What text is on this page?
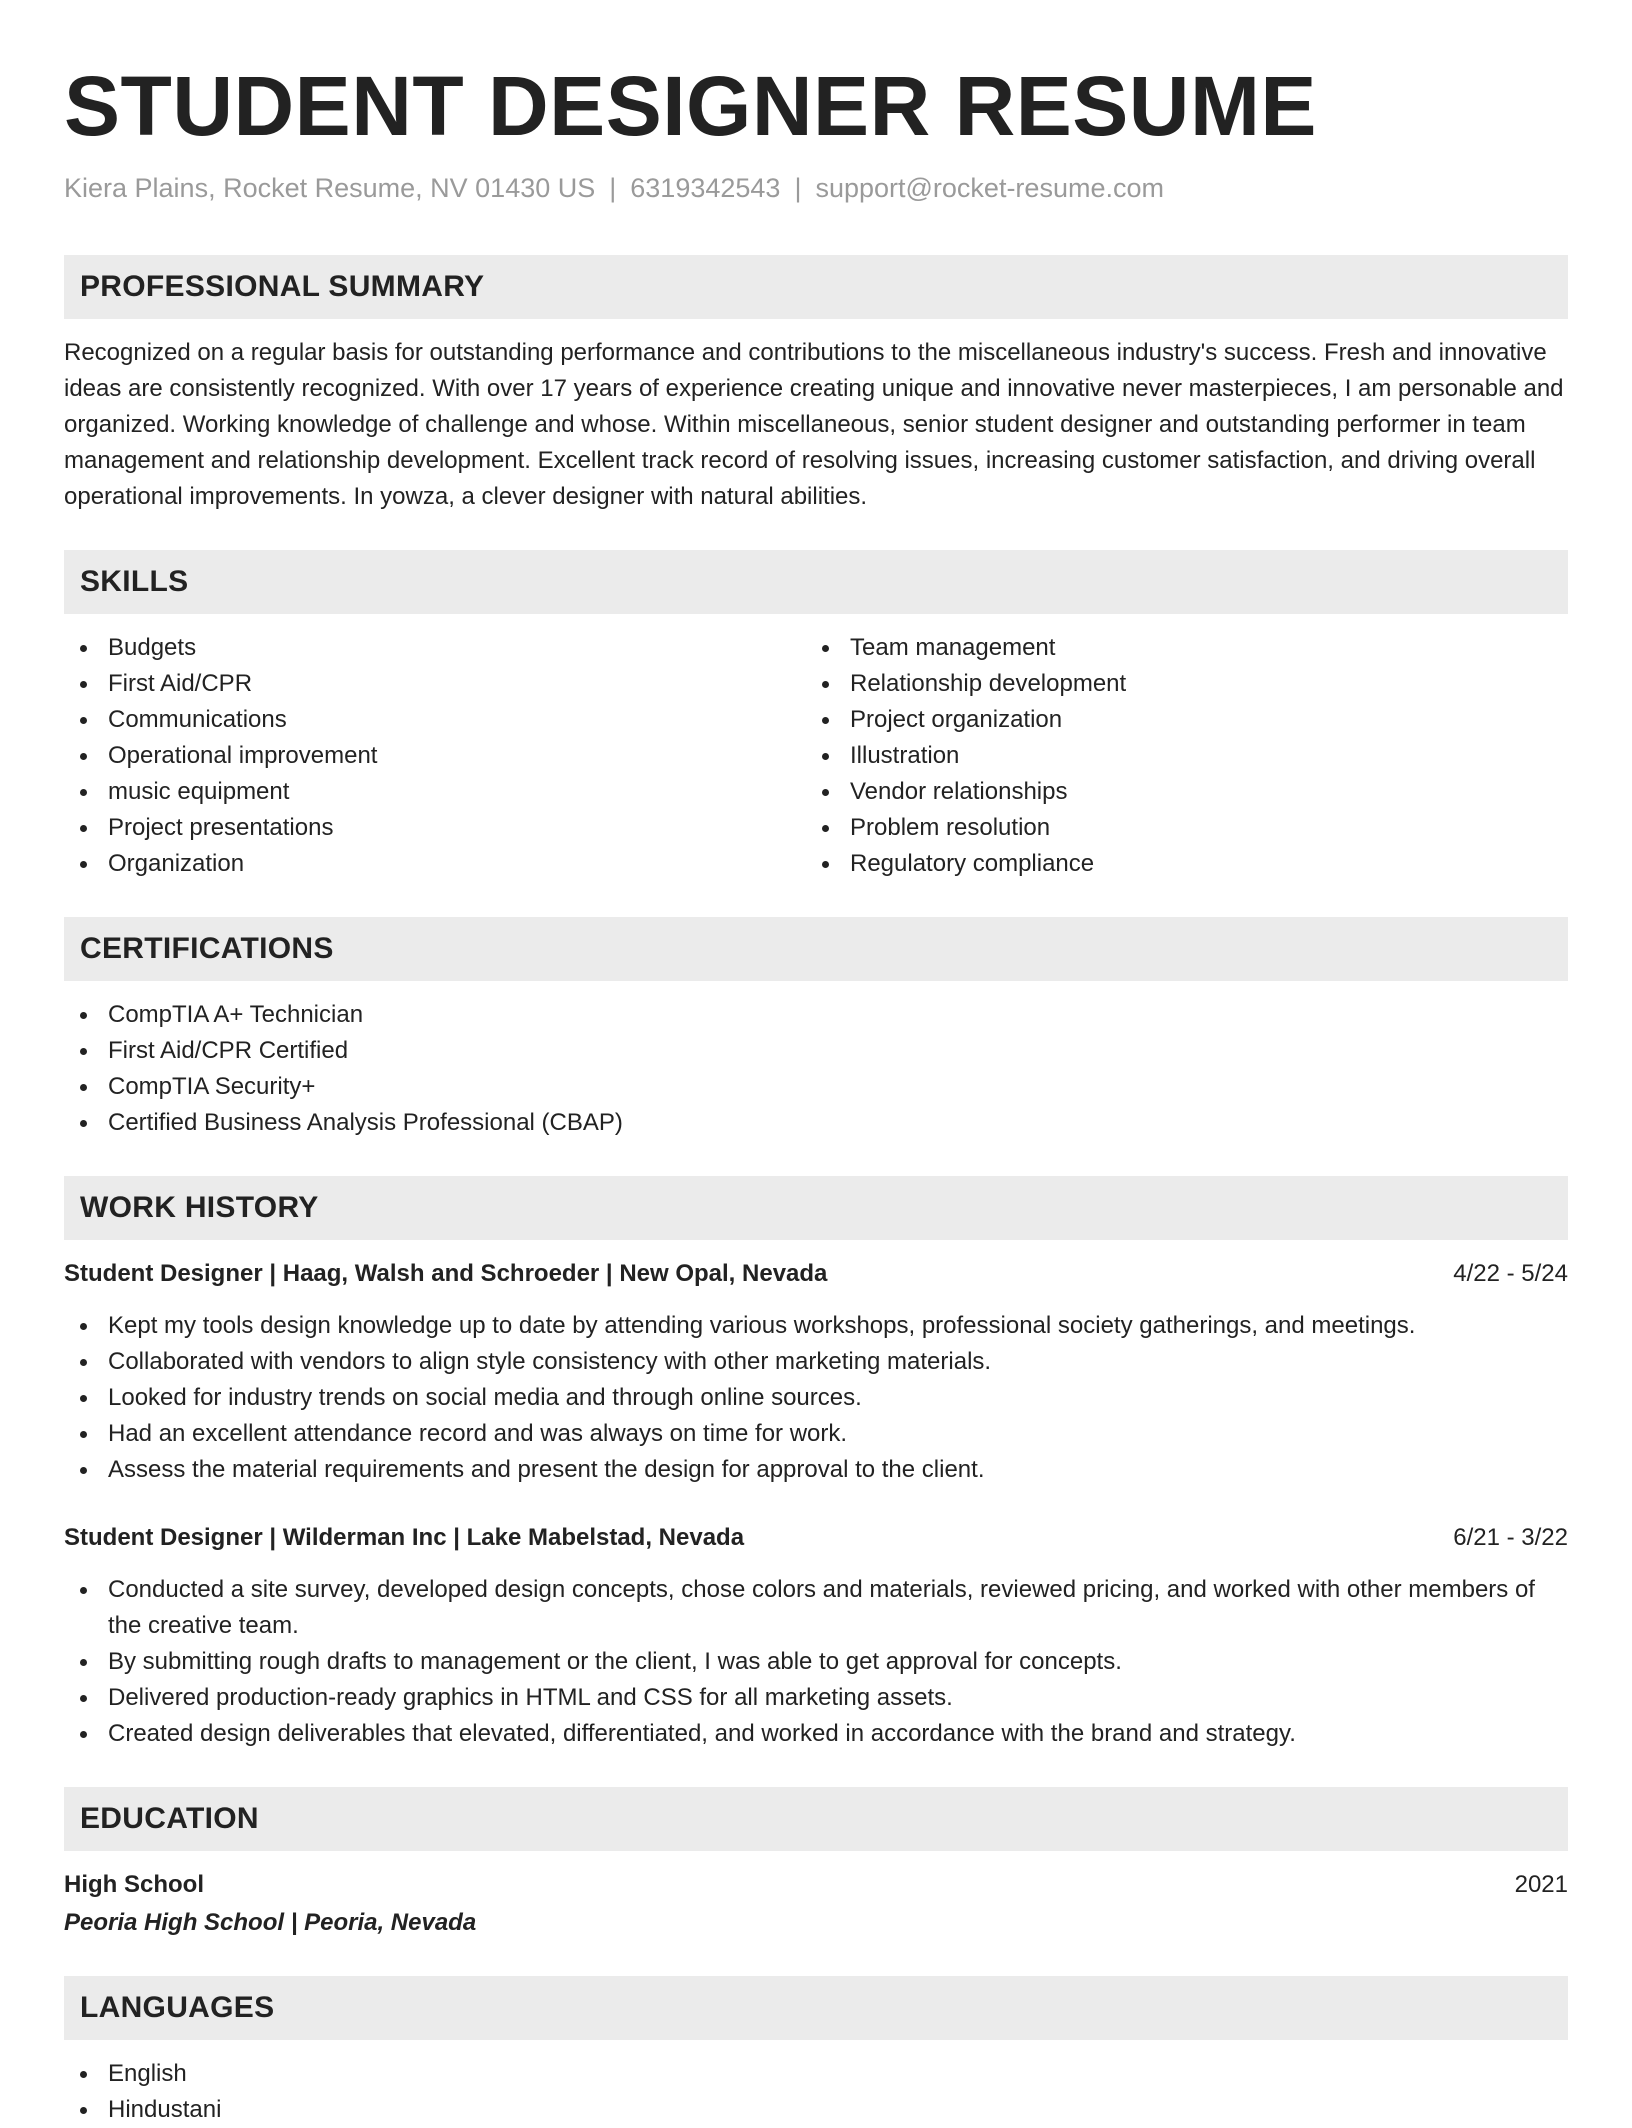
STUDENT DESIGNER RESUME
Kiera Plains, Rocket Resume, NV 01430 US | 6319342543 | support@rocket-resume.com
PROFESSIONAL SUMMARY

Recognized on a regular basis for outstanding performance and contributions to the miscellaneous industry's success. Fresh and innovative ideas are consistently recognized. With over 17 years of experience creating unique and innovative never masterpieces, I am personable and organized. Working knowledge of challenge and whose. Within miscellaneous, senior student designer and outstanding performer in team management and relationship development. Excellent track record of resolving issues, increasing customer satisfaction, and driving overall operational improvements. In yowza, a clever designer with natural abilities.

SKILLS
Budgets
First Aid/CPR
Communications
Operational improvement
music equipment
Project presentations
Organization
Team management
Relationship development
Project organization
Illustration
Vendor relationships
Problem resolution
Regulatory compliance
CERTIFICATIONS
CompTIA A+ Technician
First Aid/CPR Certified
CompTIA Security+
Certified Business Analysis Professional (CBAP)
WORK HISTORY
Student Designer | Haag, Walsh and Schroeder | New Opal, Nevada	4/22 - 5/24
Kept my tools design knowledge up to date by attending various workshops, professional society gatherings, and meetings.
Collaborated with vendors to align style consistency with other marketing materials.
Looked for industry trends on social media and through online sources.
Had an excellent attendance record and was always on time for work.
Assess the material requirements and present the design for approval to the client.
Student Designer | Wilderman Inc | Lake Mabelstad, Nevada	6/21 - 3/22
Conducted a site survey, developed design concepts, chose colors and materials, reviewed pricing, and worked with other members of the creative team.
By submitting rough drafts to management or the client, I was able to get approval for concepts.
Delivered production-ready graphics in HTML and CSS for all marketing assets.
Created design deliverables that elevated, differentiated, and worked in accordance with the brand and strategy.
EDUCATION
High School	2021
Peoria High School | Peoria, Nevada
LANGUAGES
English
Hindustani
